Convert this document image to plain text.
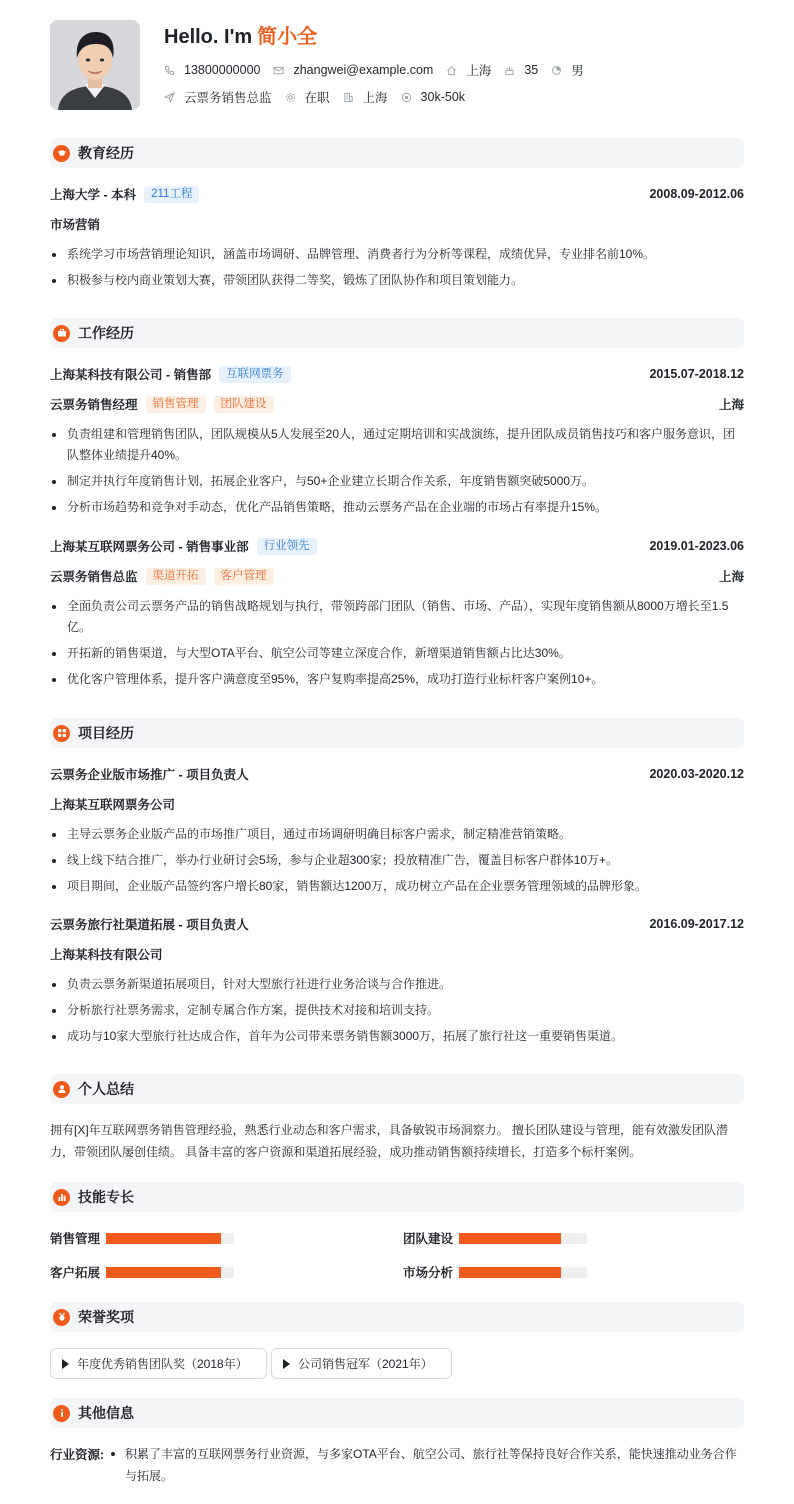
Hello. I'm 简小全
13800000000	zhangwei@example.com	上海	35	男
云票务销售总监	在职	上海	30k-50k
教育经历
上海大学 - 本科	211工程	2008.09-2012.06
市场营销
系统学习市场营销理论知识，涵盖市场调研、品牌管理、消费者行为分析等课程，成绩优异，专业排名前10%。
积极参与校内商业策划大赛，带领团队获得二等奖，锻炼了团队协作和项目策划能力。
工作经历
上海某科技有限公司 - 销售部	互联网票务	2015.07-2018.12
云票务销售经理	销售管理	团队建设	上海
负责组建和管理销售团队，团队规模从5人发展至20人，通过定期培训和实战演练，提升团队成员销售技巧和客户服务意识，团队整体业绩提升40%。
制定并执行年度销售计划，拓展企业客户，与50+企业建立长期合作关系，年度销售额突破5000万。
分析市场趋势和竞争对手动态，优化产品销售策略，推动云票务产品在企业端的市场占有率提升15%。
上海某互联网票务公司 - 销售事业部	行业领先	2019.01-2023.06
云票务销售总监	渠道开拓	客户管理	上海
全面负责公司云票务产品的销售战略规划与执行，带领跨部门团队（销售、市场、产品），实现年度销售额从8000万增长至1.5亿。
开拓新的销售渠道，与大型OTA平台、航空公司等建立深度合作，新增渠道销售额占比达30%。
优化客户管理体系，提升客户满意度至95%，客户复购率提高25%，成功打造行业标杆客户案例10+。
项目经历
云票务企业版市场推广 - 项目负责人	2020.03-2020.12
上海某互联网票务公司
主导云票务企业版产品的市场推广项目，通过市场调研明确目标客户需求，制定精准营销策略。
线上线下结合推广，举办行业研讨会5场，参与企业超300家；投放精准广告，覆盖目标客户群体10万+。
项目期间，企业版产品签约客户增长80家，销售额达1200万，成功树立产品在企业票务管理领域的品牌形象。
云票务旅行社渠道拓展 - 项目负责人	2016.09-2017.12
上海某科技有限公司
负责云票务新渠道拓展项目，针对大型旅行社进行业务洽谈与合作推进。
分析旅行社票务需求，定制专属合作方案，提供技术对接和培训支持。
成功与10家大型旅行社达成合作，首年为公司带来票务销售额3000万，拓展了旅行社这一重要销售渠道。
个人总结
拥有[X]年互联网票务销售管理经验，熟悉行业动态和客户需求，具备敏锐市场洞察力。 擅长团队建设与管理，能有效激发团队潜力，带领团队屡创佳绩。 具备丰富的客户资源和渠道拓展经验，成功推动销售额持续增长，打造多个标杆案例。
技能专长
销售管理	团队建设
客户拓展	市场分析
荣誉奖项
年度优秀销售团队奖（2018年）	公司销售冠军（2021年）
其他信息
行业资源:	积累了丰富的互联网票务行业资源，与多家OTA平台、航空公司、旅行社等保持良好合作关系，能快速推动业务合作与拓展。
